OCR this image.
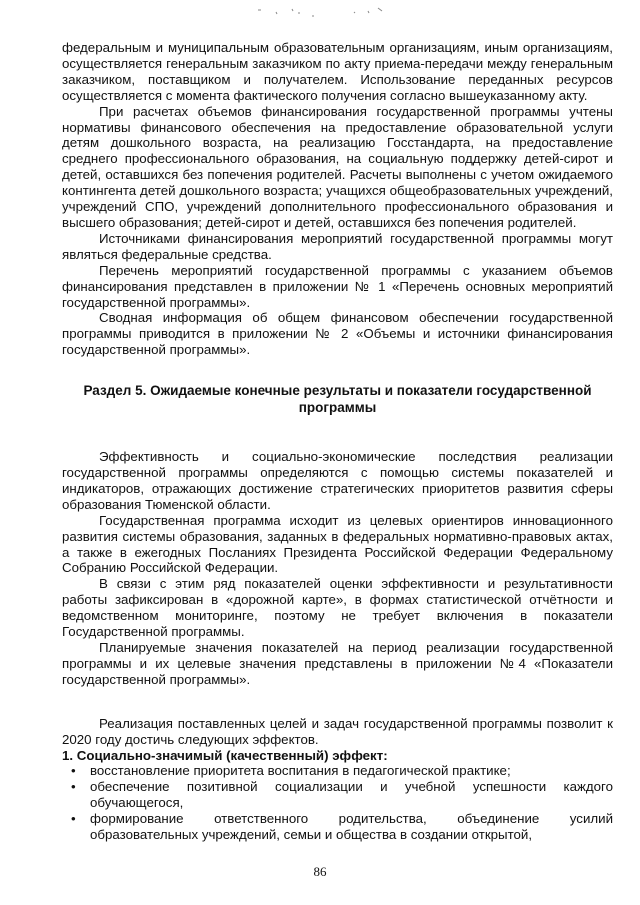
федеральным и муниципальным образовательным организациям, иным организациям, осуществляется генеральным заказчиком по акту приема-передачи между генеральным заказчиком, поставщиком и получателем. Использование переданных ресурсов осуществляется с момента фактического получения согласно вышеуказанному акту.

При расчетах объемов финансирования государственной программы учтены нормативы финансового обеспечения на предоставление образовательной услуги детям дошкольного возраста, на реализацию Госстандарта, на предоставление среднего профессионального образования, на социальную поддержку детей-сирот и детей, оставшихся без попечения родителей. Расчеты выполнены с учетом ожидаемого контингента детей дошкольного возраста; учащихся общеобразовательных учреждений, учреждений СПО, учреждений дополнительного профессионального образования и высшего образования; детей-сирот и детей, оставшихся без попечения родителей.

Источниками финансирования мероприятий государственной программы могут являться федеральные средства.

Перечень мероприятий государственной программы с указанием объемов финансирования представлен в приложении № 1 «Перечень основных мероприятий государственной программы».

Сводная информация об общем финансовом обеспечении государственной программы приводится в приложении № 2 «Объемы и источники финансирования государственной программы».

Раздел 5. Ожидаемые конечные результаты и показатели государственной программы

Эффективность и социально-экономические последствия реализации государственной программы определяются с помощью системы показателей и индикаторов, отражающих достижение стратегических приоритетов развития сферы образования Тюменской области.

Государственная программа исходит из целевых ориентиров инновационного развития системы образования, заданных в федеральных нормативно-правовых актах, а также в ежегодных Посланиях Президента Российской Федерации Федеральному Собранию Российской Федерации.

В связи с этим ряд показателей оценки эффективности и результативности работы зафиксирован в «дорожной карте», в формах статистической отчётности и ведомственном мониторинге, поэтому не требует включения в показатели Государственной программы.

Планируемые значения показателей на период реализации государственной программы и их целевые значения представлены в приложении №4 «Показатели государственной программы».

Реализация поставленных целей и задач государственной программы позволит к 2020 году достичь следующих эффектов.

1. Социально-значимый (качественный) эффект:

• восстановление приоритета воспитания в педагогической практике;
• обеспечение позитивной социализации и учебной успешности каждого обучающегося,
• формирование ответственного родительства, объединение усилий образовательных учреждений, семьи и общества в создании открытой,
86
